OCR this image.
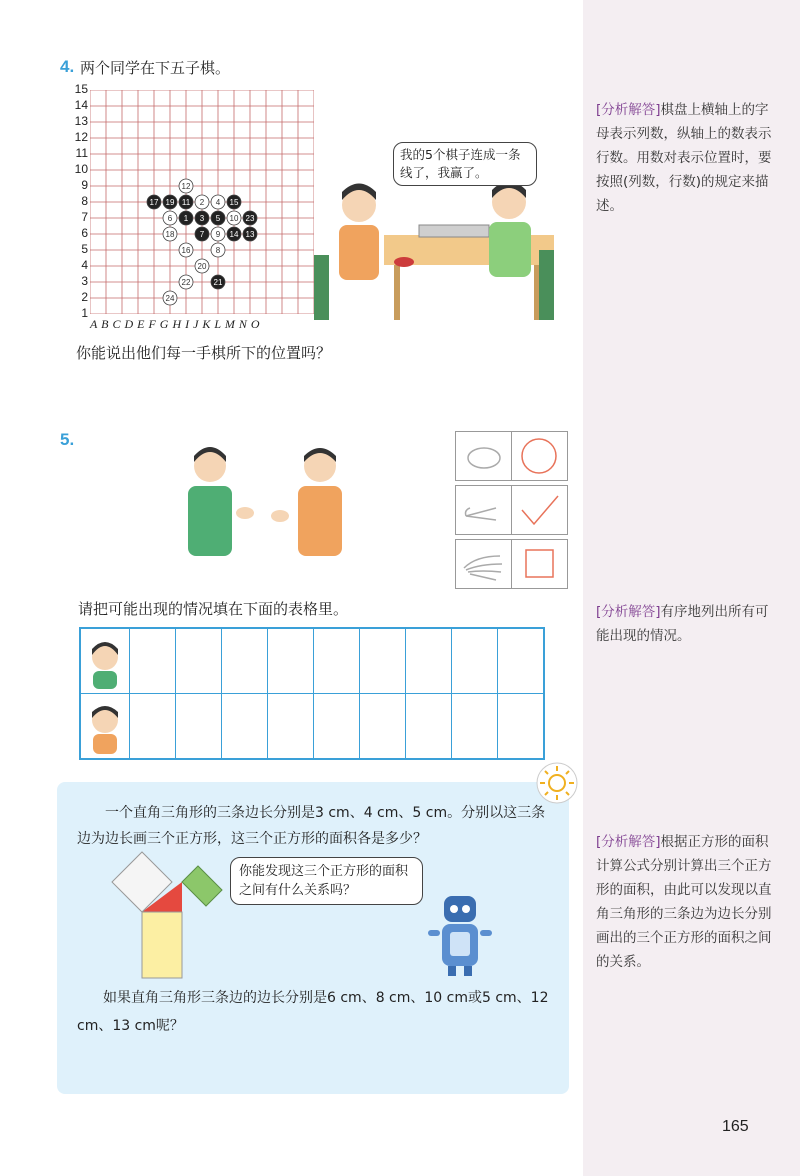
4. 两个同学在下五子棋。
15
14
13
12
11
10
9
8
7
6
5
4
3
2
1
12
17 19 11 2 4 15
6 1 3 5 10 23
18	7 9 14 13
16	8
20
22	21
24
A B C D E F G H I J K L M N O
我的5个棋子连成一条线了，我赢了。
你能说出他们每一手棋所下的位置吗？
[分析解答]棋盘上横轴上的字母表示列数，纵轴上的数表示行数。用数对表示位置时，要按照(列数，行数)的规定来描述。
5.
请把可能出现的情况填在下面的表格里。

										[分析解答]有序地列出所有可能出现的情况。
一个直角三角形的三条边长分别是3 cm、4 cm、5 cm。分别以这三条边为边长画三个正方形，这三个正方形的面积各是多少？
你能发现这三个正方形的面积之间有什么关系吗？
如果直角三角形三条边的边长分别是6 cm、8 cm、10 cm或5 cm、12 cm、13 cm呢？
[分析解答]根据正方形的面积计算公式分别计算出三个正方形的面积，由此可以发现以直角三角形的三条边为边长分别画出的三个正方形的面积之间的关系。
165
